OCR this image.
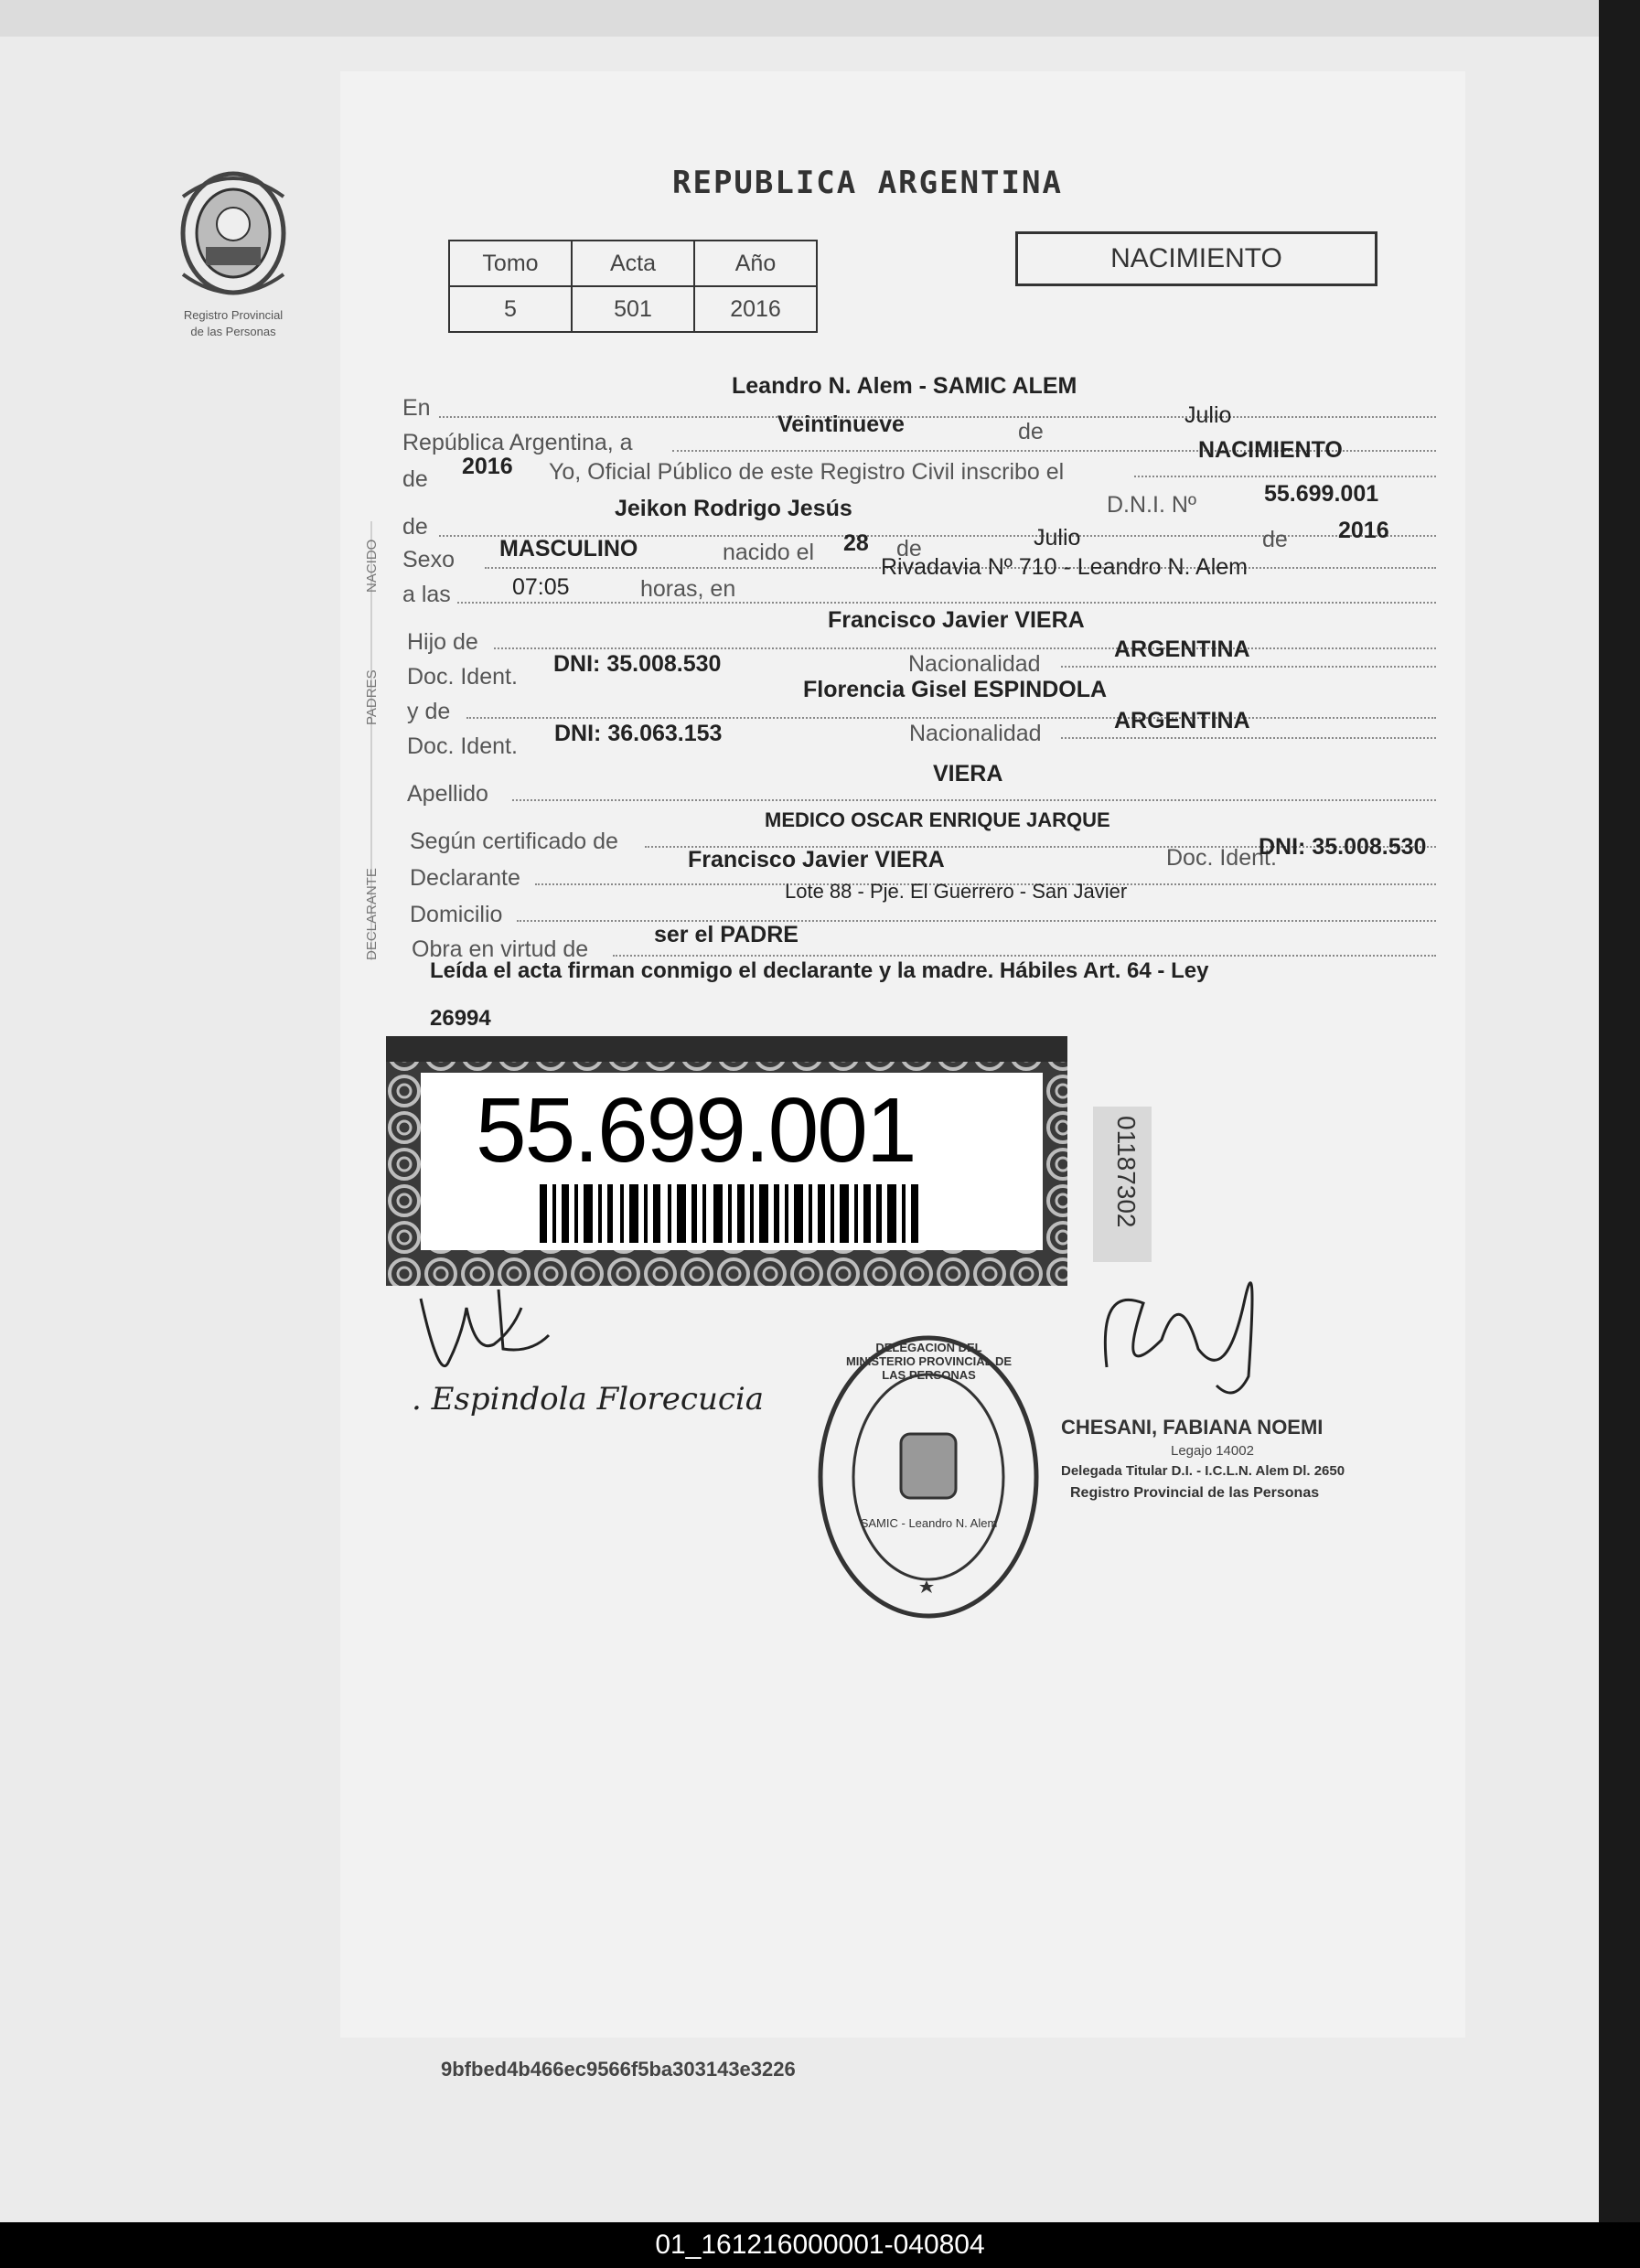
Registro Provincial
de las Personas
REPUBLICA ARGENTINA
Tomo	Acta	Año
5	501	2016
NACIMIENTO
NACIDO
PADRES
DECLARANTE
En
Leandro N. Alem - SAMIC ALEM
República Argentina, a
Veintinueve	de
Julio
de 2016 Yo, Oficial Público de este Registro Civil inscribo el
NACIMIENTO
de
Jeikon Rodrigo Jesús	D.N.I. Nº	55.699.001
Sexo MASCULINO	nacido el 28 de	Julio	de 2016
a las	07:05	horas, en
Rivadavia Nº 710 - Leandro N. Alem
Hijo de
Francisco Javier VIERA
Doc. Ident. DNI: 35.008.530	Nacionalidad
ARGENTINA
y de
Florencia Gisel ESPINDOLA
Doc. Ident. DNI: 36.063.153	Nacionalidad	ARGENTINA
Apellido
VIERA
Según certificado de
MEDICO OSCAR ENRIQUE JARQUE
Declarante
Francisco Javier VIERA	Doc. Ident.
DNI: 35.008.530
Domicilio
Lote 88 - Pje. El Guerrero - San Javier
Obra en virtud de
ser el PADRE
Leída el acta firman conmigo el declarante y la madre. Hábiles Art. 64 - Ley
26994
55.699.001	01187302
. Espindola Florecucia
DELEGACION DEL MINISTERIO PROVINCIAL DE LAS PERSONAS
SAMIC - Leandro N. Alem
CHESANI, FABIANA NOEMI
Legajo 14002
Delegada Titular D.I. - I.C.L.N. Alem Dl. 2650
Registro Provincial de las Personas
9bfbed4b466ec9566f5ba303143e3226
01_161216000001-040804
